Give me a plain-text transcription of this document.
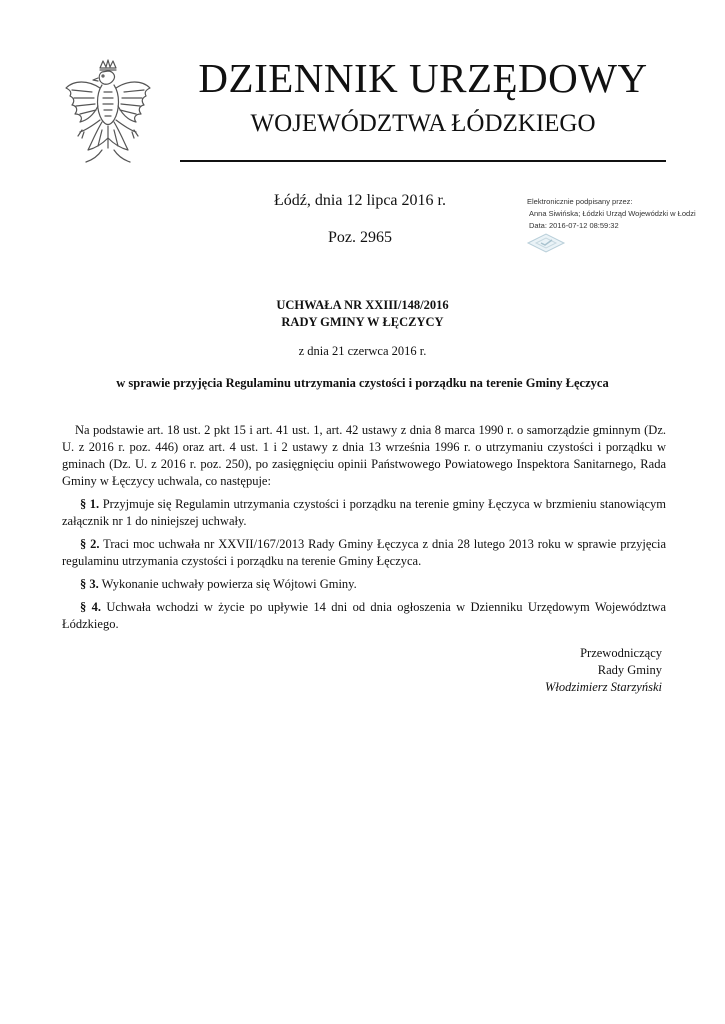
DZIENNIK URZĘDOWY
WOJEWÓDZTWA ŁÓDZKIEGO
Łódź, dnia 12 lipca 2016 r.
Poz. 2965
Elektronicznie podpisany przez:
Anna Siwińska; Łódzki Urząd Wojewódzki w Łodzi
Data: 2016-07-12 08:59:32
UCHWAŁA NR XXIII/148/2016
RADY GMINY W ŁĘCZYCY
z dnia 21 czerwca 2016 r.
w sprawie przyjęcia Regulaminu utrzymania czystości i porządku na terenie Gminy Łęczyca

Na podstawie art. 18 ust. 2 pkt 15 i art. 41 ust. 1, art. 42 ustawy z dnia 8 marca 1990 r. o samorządzie gminnym (Dz. U. z 2016 r. poz. 446) oraz art. 4 ust. 1 i 2 ustawy z dnia 13 września 1996 r. o utrzymaniu czystości i porządku w gminach (Dz. U. z 2016 r. poz. 250), po zasięgnięciu opinii Państwowego Powiatowego Inspektora Sanitarnego, Rada Gminy w Łęczycy uchwala, co następuje:

§ 1. Przyjmuje się Regulamin utrzymania czystości i porządku na terenie gminy Łęczyca w brzmieniu stanowiącym załącznik nr 1 do niniejszej uchwały.

§ 2. Traci moc uchwała nr XXVII/167/2013 Rady Gminy Łęczyca z dnia 28 lutego 2013 roku w sprawie przyjęcia regulaminu utrzymania czystości i porządku na terenie Gminy Łęczyca.

§ 3. Wykonanie uchwały powierza się Wójtowi Gminy.

§ 4. Uchwała wchodzi w życie po upływie 14 dni od dnia ogłoszenia w Dzienniku Urzędowym Województwa Łódzkiego.

Przewodniczący
Rady Gminy
Włodzimierz Starzyński
